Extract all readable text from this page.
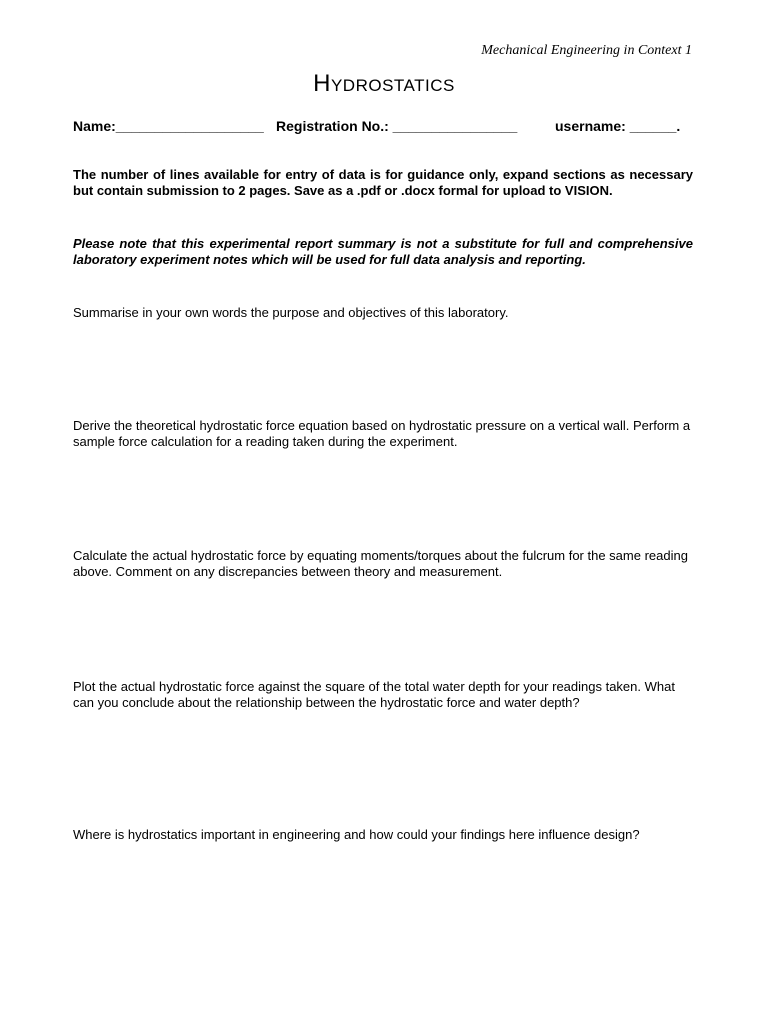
Mechanical Engineering in Context 1
Hydrostatics
Name:___________________ Registration No.: ________________	username: ______.
The number of lines available for entry of data is for guidance only, expand sections as necessary but contain submission to 2 pages. Save as a .pdf or .docx formal for upload to VISION.
Please note that this experimental report summary is not a substitute for full and comprehensive laboratory experiment notes which will be used for full data analysis and reporting.
Summarise in your own words the purpose and objectives of this laboratory.
Derive the theoretical hydrostatic force equation based on hydrostatic pressure on a vertical wall. Perform a sample force calculation for a reading taken during the experiment.
Calculate the actual hydrostatic force by equating moments/torques about the fulcrum for the same reading above. Comment on any discrepancies between theory and measurement.
Plot the actual hydrostatic force against the square of the total water depth for your readings taken. What can you conclude about the relationship between the hydrostatic force and water depth?
Where is hydrostatics important in engineering and how could your findings here influence design?
